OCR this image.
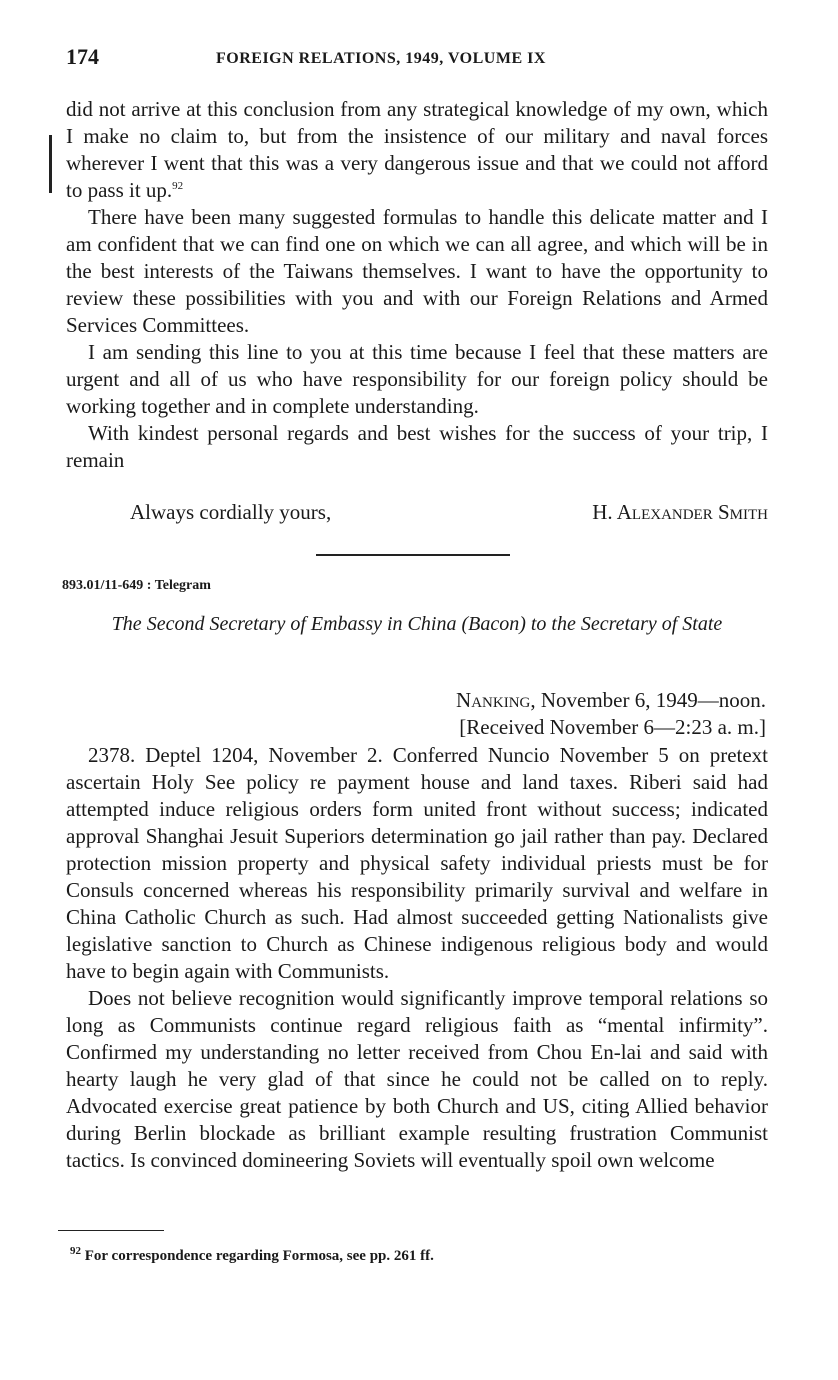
174	FOREIGN RELATIONS, 1949, VOLUME IX

did not arrive at this conclusion from any strategical knowledge of my own, which I make no claim to, but from the insistence of our military and naval forces wherever I went that this was a very dangerous issue and that we could not afford to pass it up.$^{92}$

There have been many suggested formulas to handle this delicate matter and I am confident that we can find one on which we can all agree, and which will be in the best interests of the Taiwans themselves. I want to have the opportunity to review these possibilities with you and with our Foreign Relations and Armed Services Committees.

I am sending this line to you at this time because I feel that these matters are urgent and all of us who have responsibility for our foreign policy should be working together and in complete understanding.

With kindest personal regards and best wishes for the success of your trip, I remain

Always cordially yours,	H. Alexander Smith
893.01/11-649 : Telegram
The Second Secretary of Embassy in China (Bacon) to the Secretary of State
Nanking, November 6, 1949—noon.
[Received November 6—2:23 a. m.]

2378. Deptel 1204, November 2. Conferred Nuncio November 5 on pretext ascertain Holy See policy re payment house and land taxes. Riberi said had attempted induce religious orders form united front without success; indicated approval Shanghai Jesuit Superiors determination go jail rather than pay. Declared protection mission property and physical safety individual priests must be for Consuls concerned whereas his responsibility primarily survival and welfare in China Catholic Church as such. Had almost succeeded getting Nationalists give legislative sanction to Church as Chinese indigenous religious body and would have to begin again with Communists.

Does not believe recognition would significantly improve temporal relations so long as Communists continue regard religious faith as “mental infirmity”. Confirmed my understanding no letter received from Chou En-lai and said with hearty laugh he very glad of that since he could not be called on to reply. Advocated exercise great patience by both Church and US, citing Allied behavior during Berlin blockade as brilliant example resulting frustration Communist tactics. Is convinced domineering Soviets will eventually spoil own welcome

$^{92}$ For correspondence regarding Formosa, see pp. 261 ff.
